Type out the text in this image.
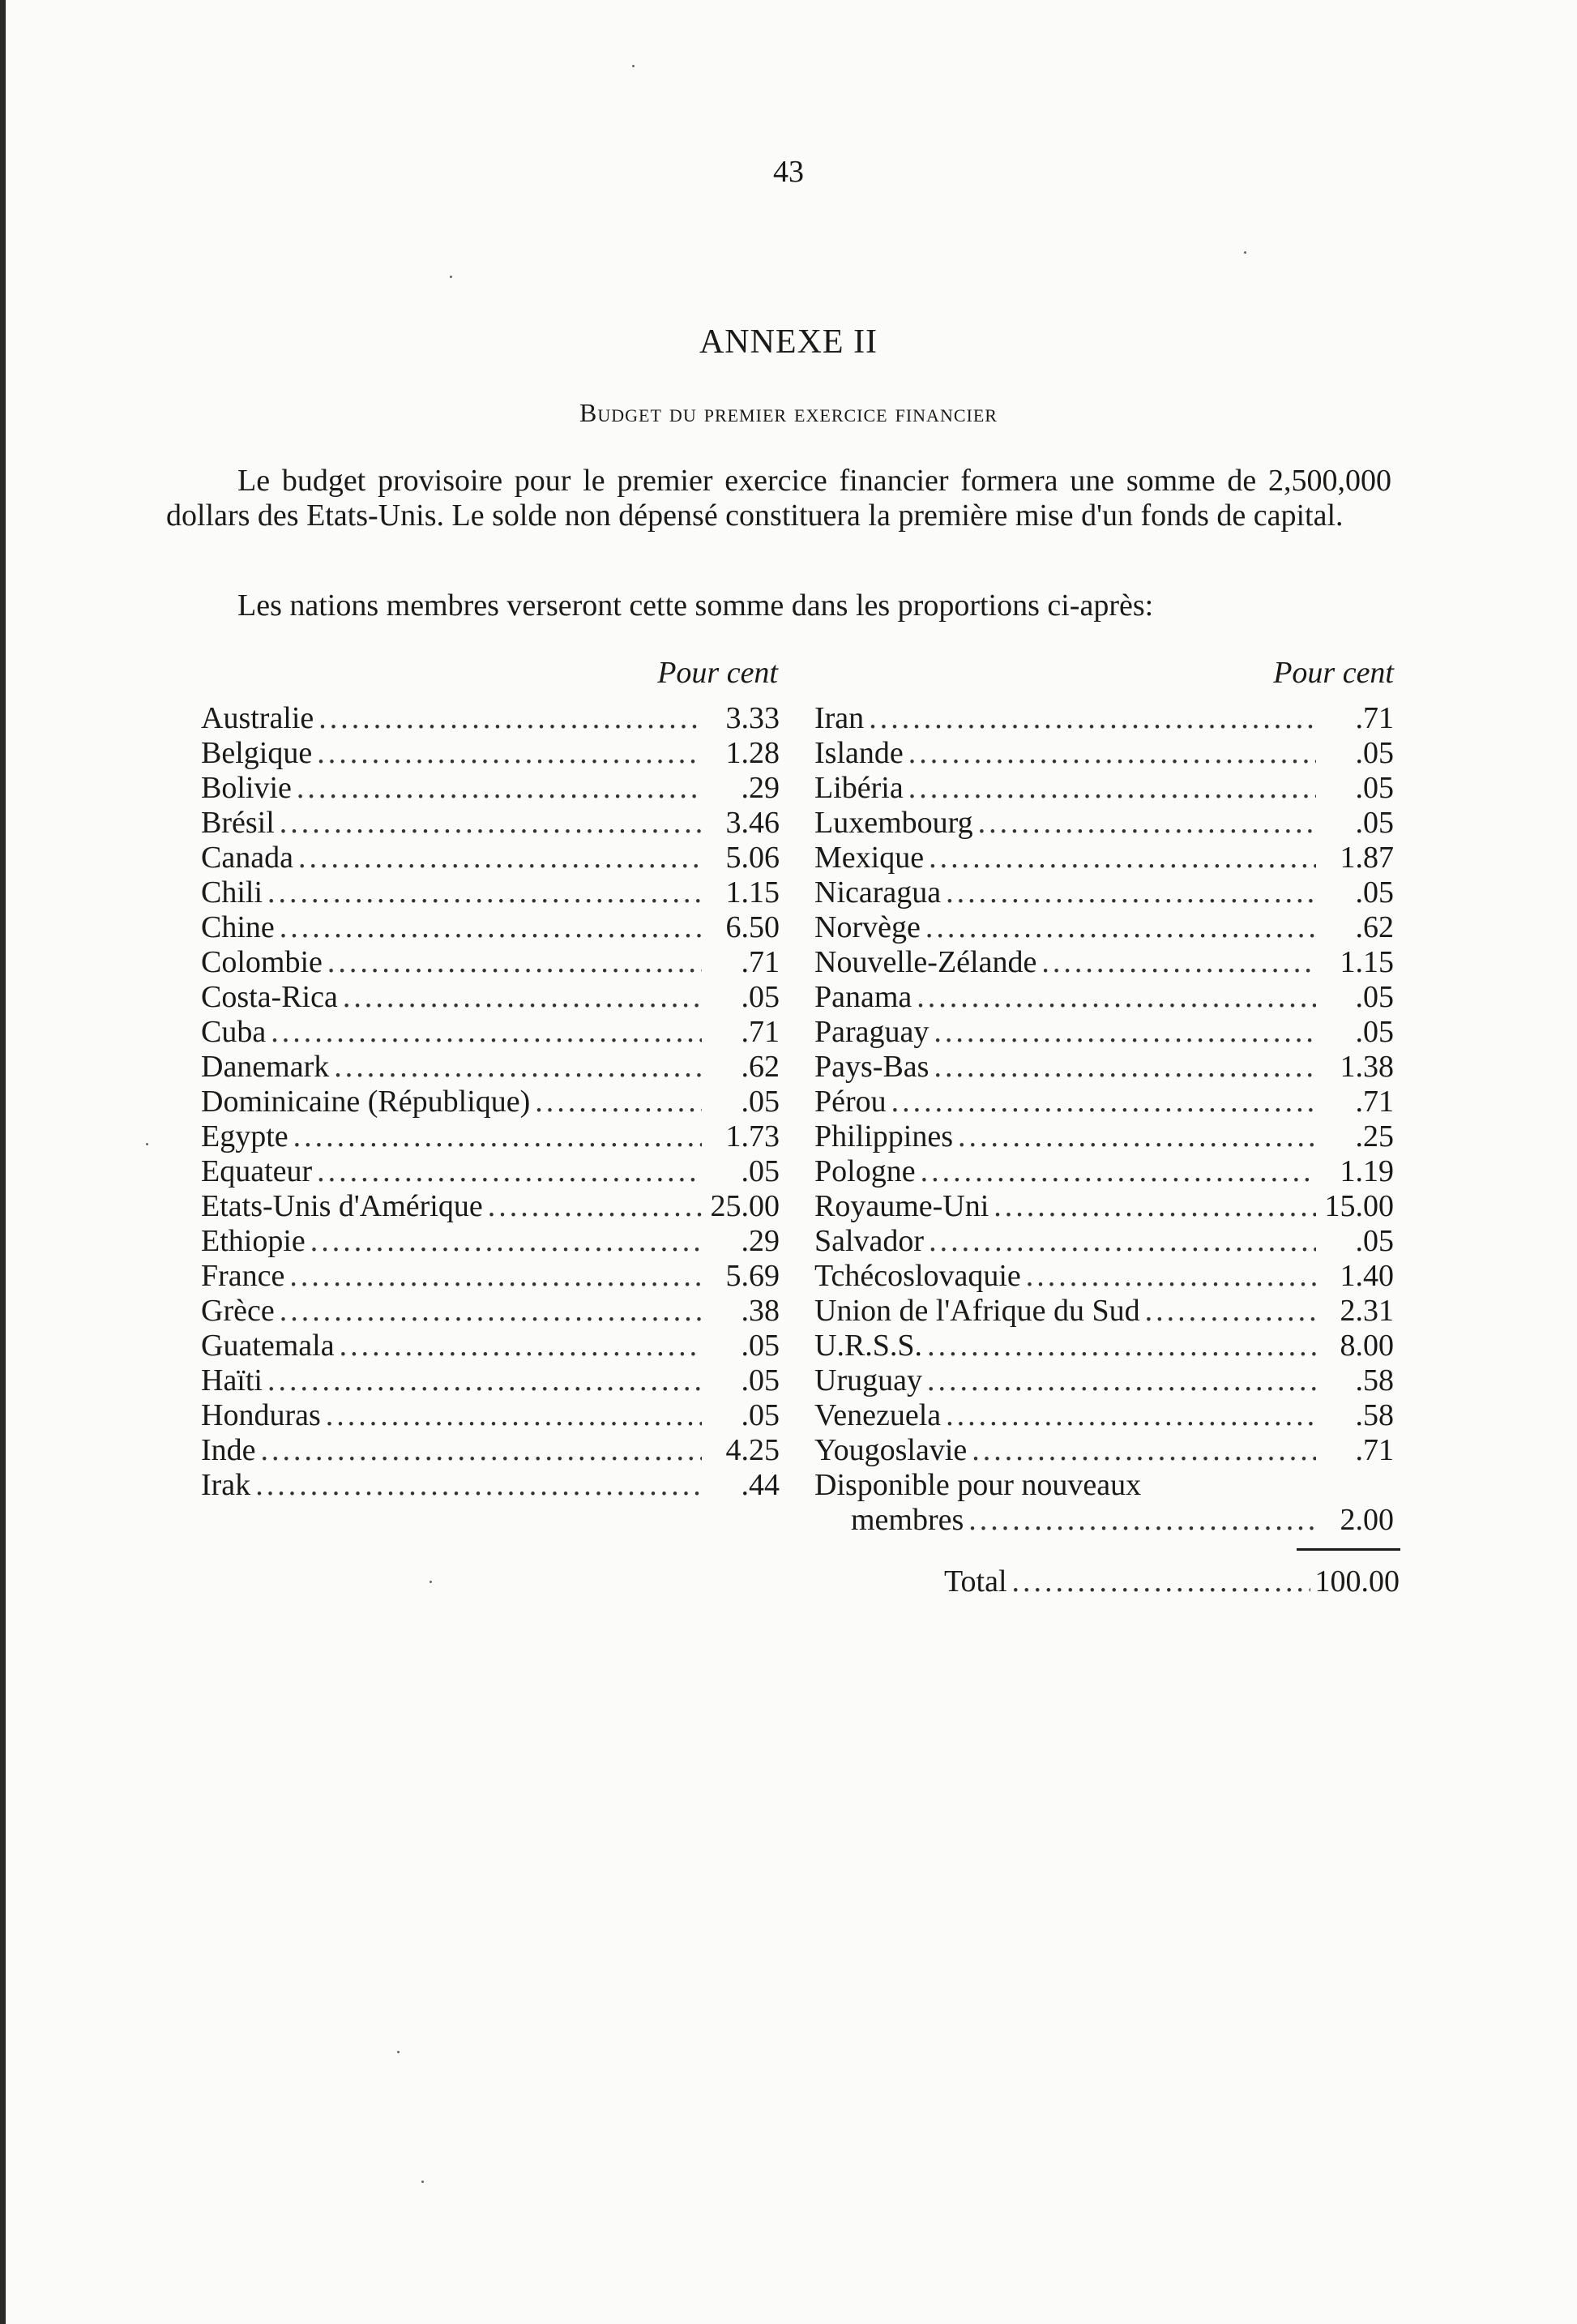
43
ANNEXE II
Budget du premier exercice financier

Le budget provisoire pour le premier exercice financier formera une somme de 2,500,000 dollars des Etats-Unis. Le solde non dépensé constituera la première mise d'un fonds de capital.

Les nations membres verseront cette somme dans les proportions ci-après:

Pour cent	Pour cent
Australie .....	3.33
Belgique .....	1.28
Bolivie .....	.29
Brésil .....	3.46
Canada .....	5.06
Chili .....	1.15
Chine .....	6.50
Colombie .....	.71
Costa-Rica .....	.05
Cuba .....	.71
Danemark .....	.62
Dominicaine (République) .....	.05
Egypte .....	1.73
Equateur .....	.05
Etats-Unis d'Amérique .....	25.00
Ethiopie .....	.29
France .....	5.69
Grèce .....	.38
Guatemala .....	.05
Haïti .....	.05
Honduras .....	.05
Inde .....	4.25
Irak .....	.44
Iran .....	.71
Islande .....	.05
Libéria .....	.05
Luxembourg .....	.05
Mexique .....	1.87
Nicaragua .....	.05
Norvège .....	.62
Nouvelle-Zélande .....	1.15
Panama .....	.05
Paraguay .....	.05
Pays-Bas .....	1.38
Pérou .....	.71
Philippines .....	.25
Pologne .....	1.19
Royaume-Uni .....	15.00
Salvador .....	.05
Tchécoslovaquie .....	1.40
Union de l'Afrique du Sud .....	2.31
U.R.S.S. .....	8.00
Uruguay .....	.58
Venezuela .....	.58
Yougoslavie .....	.71
Disponible pour nouveaux
membres .....	2.00
Total .....	100.00
